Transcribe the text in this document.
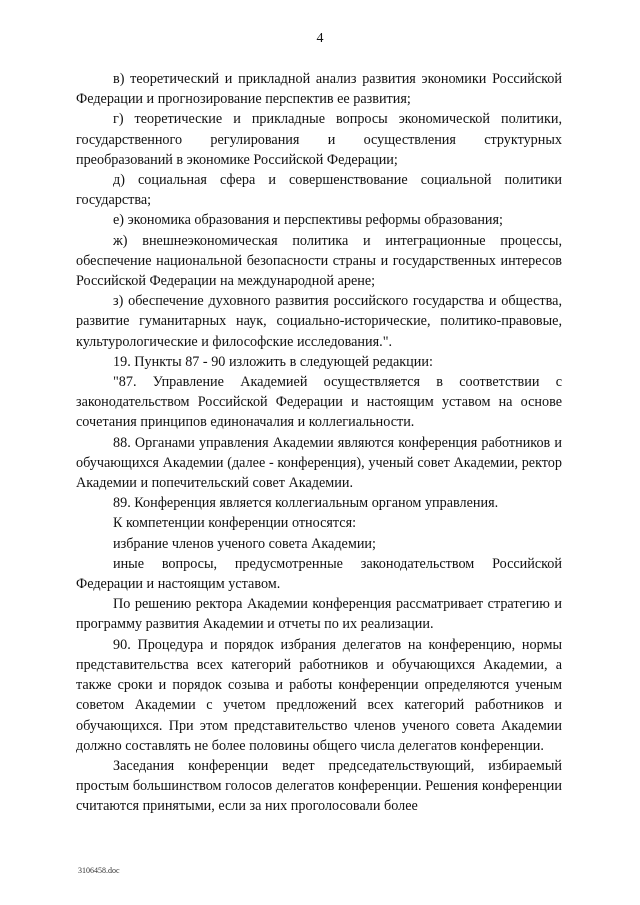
4

в) теоретический и прикладной анализ развития экономики Российской Федерации и прогнозирование перспектив ее развития;

г) теоретические и прикладные вопросы экономической политики, государственного регулирования и осуществления структурных преобразований в экономике Российской Федерации;

д) социальная сфера и совершенствование социальной политики государства;

е) экономика образования и перспективы реформы образования;

ж) внешнеэкономическая политика и интеграционные процессы, обеспечение национальной безопасности страны и государственных интересов Российской Федерации на международной арене;

з) обеспечение духовного развития российского государства и общества, развитие гуманитарных наук, социально-исторические, политико-правовые, культурологические и философские исследования.".

19. Пункты 87 - 90 изложить в следующей редакции:

"87. Управление Академией осуществляется в соответствии с законодательством Российской Федерации и настоящим уставом на основе сочетания принципов единоначалия и коллегиальности.

88. Органами управления Академии являются конференция работников и обучающихся Академии (далее - конференция), ученый совет Академии, ректор Академии и попечительский совет Академии.

89. Конференция является коллегиальным органом управления.

К компетенции конференции относятся:

избрание членов ученого совета Академии;

иные вопросы, предусмотренные законодательством Российской Федерации и настоящим уставом.

По решению ректора Академии конференция рассматривает стратегию и программу развития Академии и отчеты по их реализации.

90. Процедура и порядок избрания делегатов на конференцию, нормы представительства всех категорий работников и обучающихся Академии, а также сроки и порядок созыва и работы конференции определяются ученым советом Академии с учетом предложений всех категорий работников и обучающихся. При этом представительство членов ученого совета Академии должно составлять не более половины общего числа делегатов конференции.

Заседания конференции ведет председательствующий, избираемый простым большинством голосов делегатов конференции. Решения конференции считаются принятыми, если за них проголосовали более

3106458.doc
